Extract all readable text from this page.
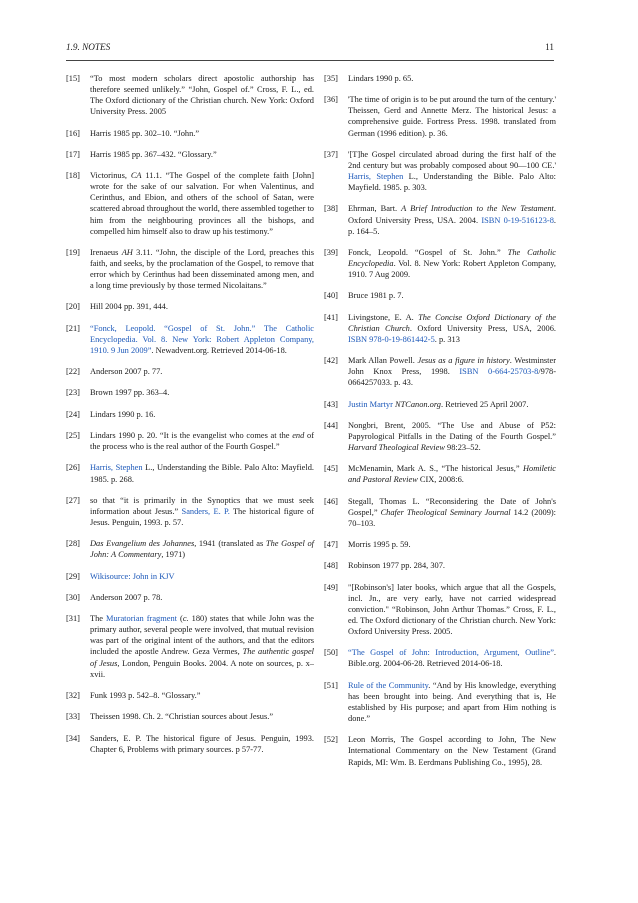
1.9. NOTES	11
[15] “To most modern scholars direct apostolic authorship has therefore seemed unlikely.” “John, Gospel of.” Cross, F. L., ed. The Oxford dictionary of the Christian church. New York: Oxford University Press. 2005
[16] Harris 1985 pp. 302–10. “John.”
[17] Harris 1985 pp. 367–432. “Glossary.”
[18] Victorinus, CA 11.1. “The Gospel of the complete faith [John] wrote for the sake of our salvation. For when Valentinus, and Cerinthus, and Ebion, and others of the school of Satan, were scattered abroad throughout the world, there assembled together to him from the neighbouring provinces all the bishops, and compelled him himself also to draw up his testimony.”
[19] Irenaeus AH 3.11. “John, the disciple of the Lord, preaches this faith, and seeks, by the proclamation of the Gospel, to remove that error which by Cerinthus had been disseminated among men, and a long time previously by those termed Nicolaitans.”
[20] Hill 2004 pp. 391, 444.
[21] “Fonck, Leopold. “Gospel of St. John.” The Catholic Encyclopedia. Vol. 8. New York: Robert Appleton Company, 1910. 9 Jun 2009”. Newadvent.org. Retrieved 2014-06-18.
[22] Anderson 2007 p. 77.
[23] Brown 1997 pp. 363–4.
[24] Lindars 1990 p. 16.
[25] Lindars 1990 p. 20. “It is the evangelist who comes at the end of the process who is the real author of the Fourth Gospel.”
[26] Harris, Stephen L., Understanding the Bible. Palo Alto: Mayfield. 1985. p. 268.
[27] so that “it is primarily in the Synoptics that we must seek information about Jesus.” Sanders, E. P. The historical figure of Jesus. Penguin, 1993. p. 57.
[28] Das Evangelium des Johannes, 1941 (translated as The Gospel of John: A Commentary, 1971)
[29] Wikisource: John in KJV
[30] Anderson 2007 p. 78.
[31] The Muratorian fragment (c. 180) states that while John was the primary author, several people were involved, that mutual revision was part of the original intent of the authors, and that the editors included the apostle Andrew. Geza Vermes, The authentic gospel of Jesus, London, Penguin Books. 2004. A note on sources, p. x–xvii.
[32] Funk 1993 p. 542–8. “Glossary.”
[33] Theissen 1998. Ch. 2. “Christian sources about Jesus.”
[34] Sanders, E. P. The historical figure of Jesus. Penguin, 1993. Chapter 6, Problems with primary sources. p 57-77.
[35] Lindars 1990 p. 65.
[36] 'The time of origin is to be put around the turn of the century.' Theissen, Gerd and Annette Merz. The historical Jesus: a comprehensive guide. Fortress Press. 1998. translated from German (1996 edition). p. 36.
[37] '[T]he Gospel circulated abroad during the first half of the 2nd century but was probably composed about 90—100 CE.' Harris, Stephen L., Understanding the Bible. Palo Alto: Mayfield. 1985. p. 303.
[38] Ehrman, Bart. A Brief Introduction to the New Testament. Oxford University Press, USA. 2004. ISBN 0-19-516123-8. p. 164–5.
[39] Fonck, Leopold. “Gospel of St. John.” The Catholic Encyclopedia. Vol. 8. New York: Robert Appleton Company, 1910. 7 Aug 2009.
[40] Bruce 1981 p. 7.
[41] Livingstone, E. A. The Concise Oxford Dictionary of the Christian Church. Oxford University Press, USA, 2006. ISBN 978-0-19-861442-5. p. 313
[42] Mark Allan Powell. Jesus as a figure in history. Westminster John Knox Press, 1998. ISBN 0-664-25703-8/978-0664257033. p. 43.
[43] Justin Martyr NTCanon.org. Retrieved 25 April 2007.
[44] Nongbri, Brent, 2005. “The Use and Abuse of P52: Papyrological Pitfalls in the Dating of the Fourth Gospel.” Harvard Theological Review 98:23–52.
[45] McMenamin, Mark A. S., “The historical Jesus,” Homiletic and Pastoral Review CIX, 2008:6.
[46] Stegall, Thomas L. “Reconsidering the Date of John's Gospel,” Chafer Theological Seminary Journal 14.2 (2009): 70–103.
[47] Morris 1995 p. 59.
[48] Robinson 1977 pp. 284, 307.
[49] "[Robinson's] later books, which argue that all the Gospels, incl. Jn., are very early, have not carried widespread conviction." “Robinson, John Arthur Thomas.” Cross, F. L., ed. The Oxford dictionary of the Christian church. New York: Oxford University Press. 2005.
[50] “The Gospel of John: Introduction, Argument, Outline”. Bible.org. 2004-06-28. Retrieved 2014-06-18.
[51] Rule of the Community. “And by His knowledge, everything has been brought into being. And everything that is, He established by His purpose; and apart from Him nothing is done.”
[52] Leon Morris, The Gospel according to John, The New International Commentary on the New Testament (Grand Rapids, MI: Wm. B. Eerdmans Publishing Co., 1995), 28.
